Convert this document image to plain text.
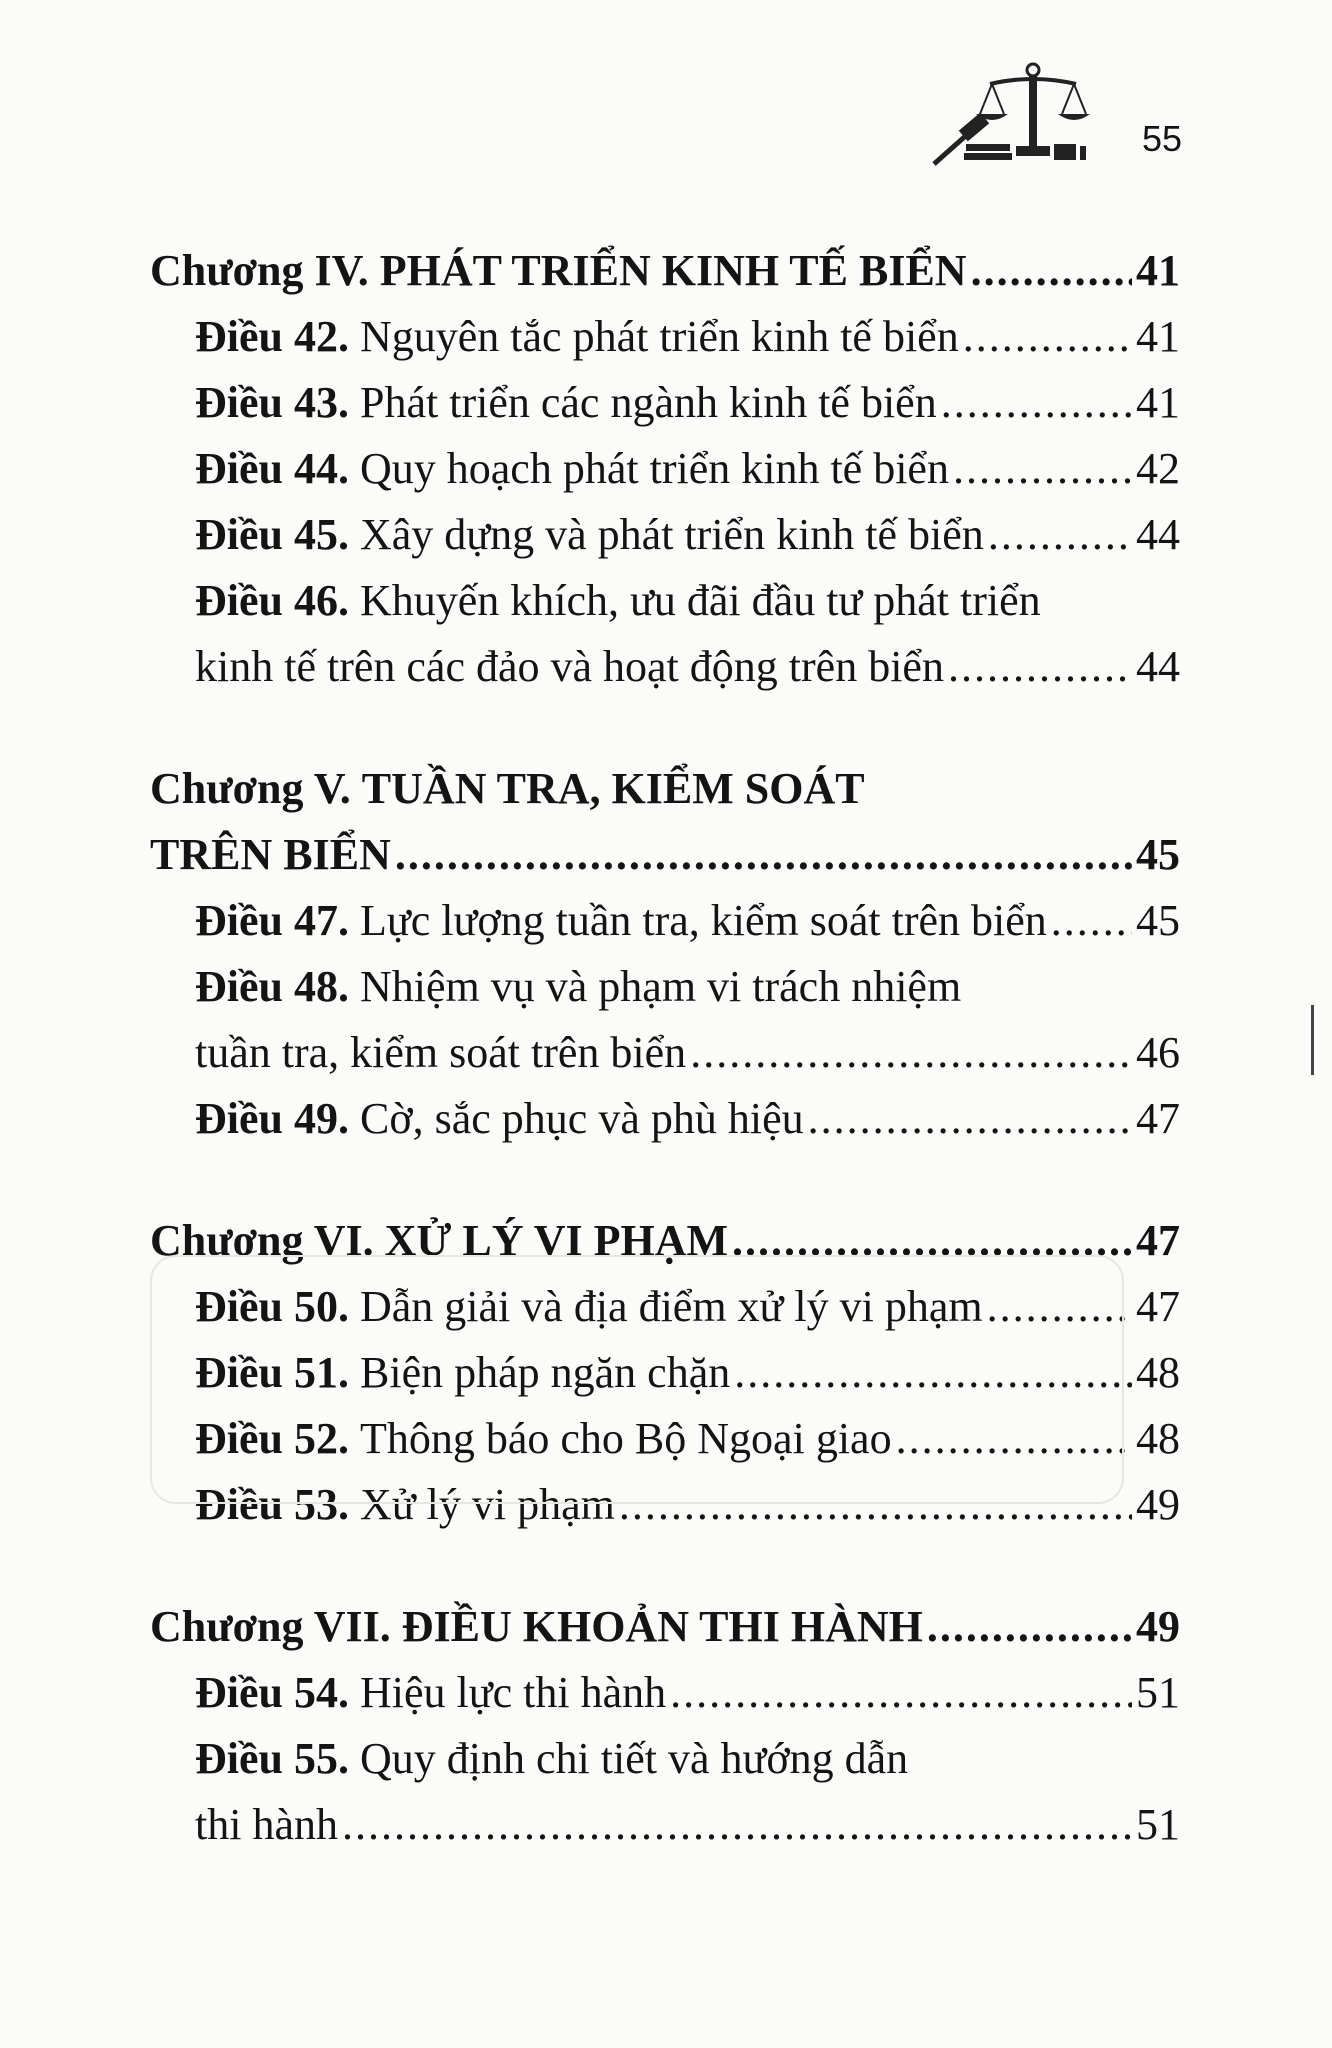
55
Chương IV. PHÁT TRIỂN KINH TẾ BIỂN .....	41
Điều 42. Nguyên tắc phát triển kinh tế biển .....	41
Điều 43. Phát triển các ngành kinh tế biển .....	41
Điều 44. Quy hoạch phát triển kinh tế biển .....	42
Điều 45. Xây dựng và phát triển kinh tế biển .....	44
Điều 46. Khuyến khích, ưu đãi đầu tư phát triển
kinh tế trên các đảo và hoạt động trên biển .....	44
Chương V. TUẦN TRA, KIỂM SOÁT
TRÊN BIỂN .....	45
Điều 47. Lực lượng tuần tra, kiểm soát trên biển ..... 45
Điều 48. Nhiệm vụ và phạm vi trách nhiệm
tuần tra, kiểm soát trên biển .....	46
Điều 49. Cờ, sắc phục và phù hiệu .....	47
Chương VI. XỬ LÝ VI PHẠM .....	47
Điều 50. Dẫn giải và địa điểm xử lý vi phạm .....	47
Điều 51. Biện pháp ngăn chặn .....	48
Điều 52. Thông báo cho Bộ Ngoại giao .....	48
Điều 53. Xử lý vi phạm .....	49
Chương VII. ĐIỀU KHOẢN THI HÀNH .....	49
Điều 54. Hiệu lực thi hành .....	51
Điều 55. Quy định chi tiết và hướng dẫn
thi hành .....	51
